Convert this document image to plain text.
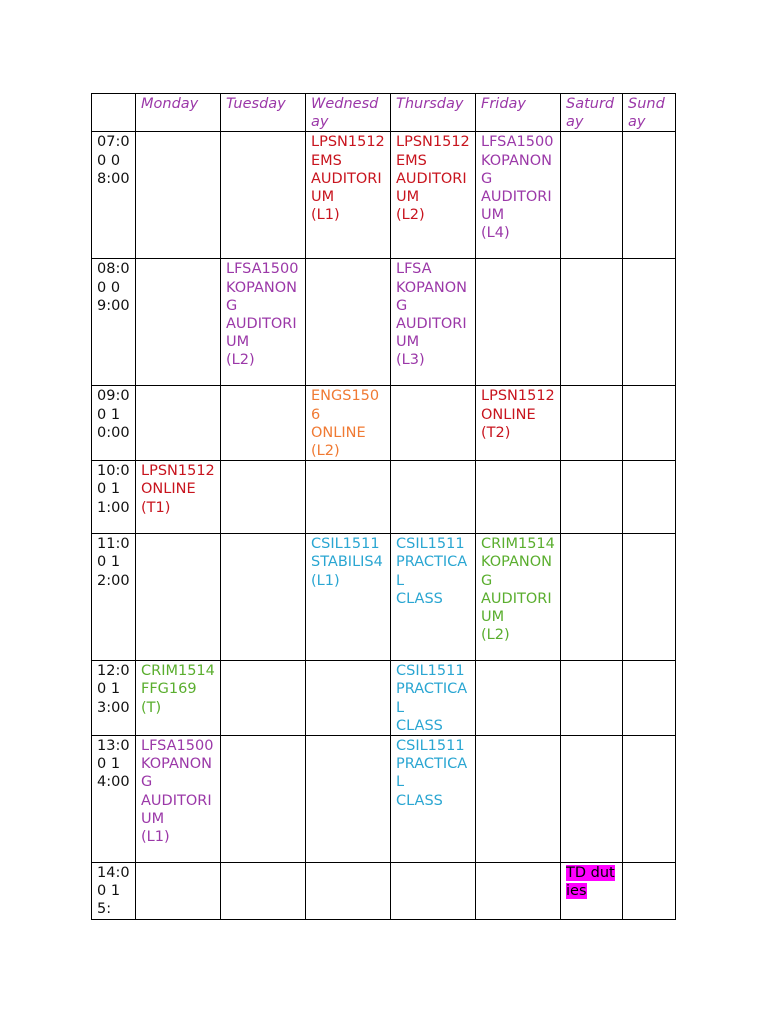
	Monday	Tuesday	Wednesday	Thursday	Friday	Saturday	Sunday
07:00 08:00			LPSN1512
EMS
AUDITORIUM
(L1)	LPSN1512
EMS
AUDITORIUM
(L2)	LFSA1500
KOPANONG
AUDITORIUM
(L4)		

08:00 09:00		LFSA1500
KOPANONG
AUDITORIUM
(L2)		LFSA
KOPANONG
AUDITORIUM
(L3)			

09:00 10:00			ENGS1506
ONLINE
(L2)		LPSN1512
ONLINE
(T2)		

10:00 11:00	LPSN1512
ONLINE
(T1)						

11:00 12:00			CSIL1511
STABILIS4
(L1)	CSIL1511
PRACTICAL
CLASS	CRIM1514
KOPANONG
AUDITORIUM
(L2)		

12:00 13:00	CRIM1514
FFG169
(T)			CSIL1511
PRACTICAL
CLASS			

13:00 14:00	LFSA1500
KOPANONG
AUDITORIUM
(L1)			CSIL1511
PRACTICAL
CLASS			

14:00 15:						TD duties	
